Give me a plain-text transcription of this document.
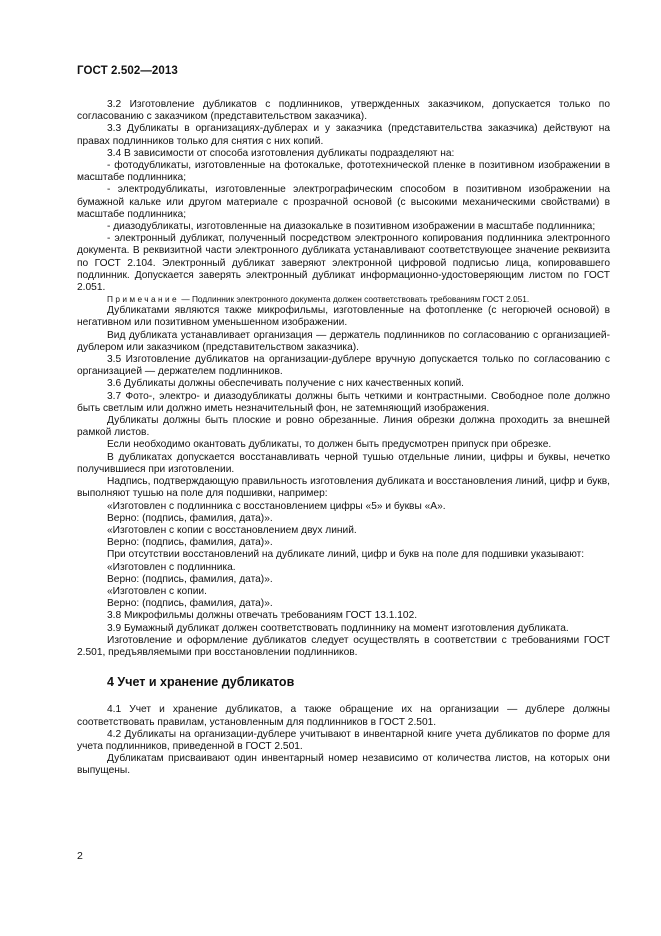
ГОСТ 2.502—2013

3.2 Изготовление дубликатов с подлинников, утвержденных заказчиком, допускается только по согласованию с заказчиком (представительством заказчика).

3.3 Дубликаты в организациях-дублерах и у заказчика (представительства заказчика) действуют на правах подлинников только для снятия с них копий.

3.4 В зависимости от способа изготовления дубликаты подразделяют на:

- фотодубликаты, изготовленные на фотокальке, фототехнической пленке в позитивном изображении в масштабе подлинника;

- электродубликаты, изготовленные электрографическим способом в позитивном изображении на бумажной кальке или другом материале с прозрачной основой (с высокими механическими свойствами) в масштабе подлинника;

- диазодубликаты, изготовленные на диазокальке в позитивном изображении в масштабе подлинника;

- электронный дубликат, полученный посредством электронного копирования подлинника электронного документа. В реквизитной части электронного дубликата устанавливают соответствующее значение реквизита по ГОСТ 2.104. Электронный дубликат заверяют электронной цифровой подписью лица, копировавшего подлинник. Допускается заверять электронный дубликат информационно-удостоверяющим листом по ГОСТ 2.051.

Примечание — Подлинник электронного документа должен соответствовать требованиям ГОСТ 2.051.

Дубликатами являются также микрофильмы, изготовленные на фотопленке (с негорючей основой) в негативном или позитивном уменьшенном изображении.

Вид дубликата устанавливает организация — держатель подлинников по согласованию с организацией-дублером или заказчиком (представительством заказчика).

3.5 Изготовление дубликатов на организации-дублере вручную допускается только по согласованию с организацией — держателем подлинников.

3.6 Дубликаты должны обеспечивать получение с них качественных копий.

3.7 Фото-, электро- и диазодубликаты должны быть четкими и контрастными. Свободное поле должно быть светлым или должно иметь незначительный фон, не затемняющий изображения.

Дубликаты должны быть плоские и ровно обрезанные. Линия обрезки должна проходить за внешней рамкой листов.

Если необходимо окантовать дубликаты, то должен быть предусмотрен припуск при обрезке.

В дубликатах допускается восстанавливать черной тушью отдельные линии, цифры и буквы, нечетко получившиеся при изготовлении.

Надпись, подтверждающую правильность изготовления дубликата и восстановления линий, цифр и букв, выполняют тушью на поле для подшивки, например:

«Изготовлен с подлинника с восстановлением цифры «5» и буквы «А».

Верно: (подпись, фамилия, дата)».

«Изготовлен с копии с восстановлением двух линий.

Верно: (подпись, фамилия, дата)».

При отсутствии восстановлений на дубликате линий, цифр и букв на поле для подшивки указывают:

«Изготовлен с подлинника.

Верно: (подпись, фамилия, дата)».

«Изготовлен с копии.

Верно: (подпись, фамилия, дата)».

3.8 Микрофильмы должны отвечать требованиям ГОСТ 13.1.102.

3.9 Бумажный дубликат должен соответствовать подлиннику на момент изготовления дубликата.

Изготовление и оформление дубликатов следует осуществлять в соответствии с требованиями ГОСТ 2.501, предъявляемыми при восстановлении подлинников.

4 Учет и хранение дубликатов

4.1 Учет и хранение дубликатов, а также обращение их на организации — дублере должны соответствовать правилам, установленным для подлинников в ГОСТ 2.501.

4.2 Дубликаты на организации-дублере учитывают в инвентарной книге учета дубликатов по форме для учета подлинников, приведенной в ГОСТ 2.501.

Дубликатам присваивают один инвентарный номер независимо от количества листов, на которых они выпущены.

2
